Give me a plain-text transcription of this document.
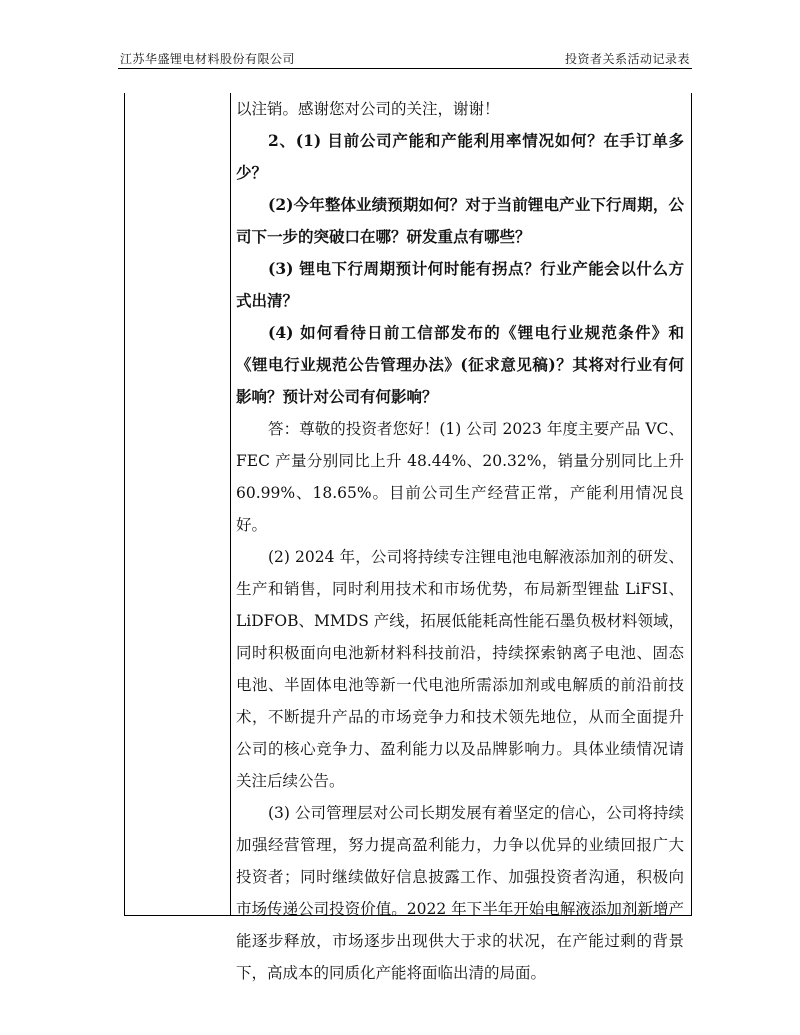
江苏华盛锂电材料股份有限公司	投资者关系活动记录表

以注销。感谢您对公司的关注，谢谢！

2、(1) 目前公司产能和产能利用率情况如何？在手订单多少？

(2)今年整体业绩预期如何？对于当前锂电产业下行周期，公司下一步的突破口在哪？研发重点有哪些？

(3) 锂电下行周期预计何时能有拐点？行业产能会以什么方式出清？

(4) 如何看待日前工信部发布的《锂电行业规范条件》和《锂电行业规范公告管理办法》(征求意见稿)？其将对行业有何影响？预计对公司有何影响？

答：尊敬的投资者您好！(1) 公司 2023 年度主要产品 VC、FEC 产量分别同比上升 48.44%、20.32%，销量分别同比上升 60.99%、18.65%。目前公司生产经营正常，产能利用情况良好。

(2) 2024 年，公司将持续专注锂电池电解液添加剂的研发、生产和销售，同时利用技术和市场优势，布局新型锂盐 LiFSI、LiDFOB、MMDS 产线，拓展低能耗高性能石墨负极材料领域，同时积极面向电池新材料科技前沿，持续探索钠离子电池、固态电池、半固体电池等新一代电池所需添加剂或电解质的前沿前技术，不断提升产品的市场竞争力和技术领先地位，从而全面提升公司的核心竞争力、盈利能力以及品牌影响力。具体业绩情况请关注后续公告。

(3) 公司管理层对公司长期发展有着坚定的信心，公司将持续加强经营管理，努力提高盈利能力，力争以优异的业绩回报广大投资者；同时继续做好信息披露工作、加强投资者沟通，积极向市场传递公司投资价值。2022 年下半年开始电解液添加剂新增产能逐步释放，市场逐步出现供大于求的状况，在产能过剩的背景下，高成本的同质化产能将面临出清的局面。
